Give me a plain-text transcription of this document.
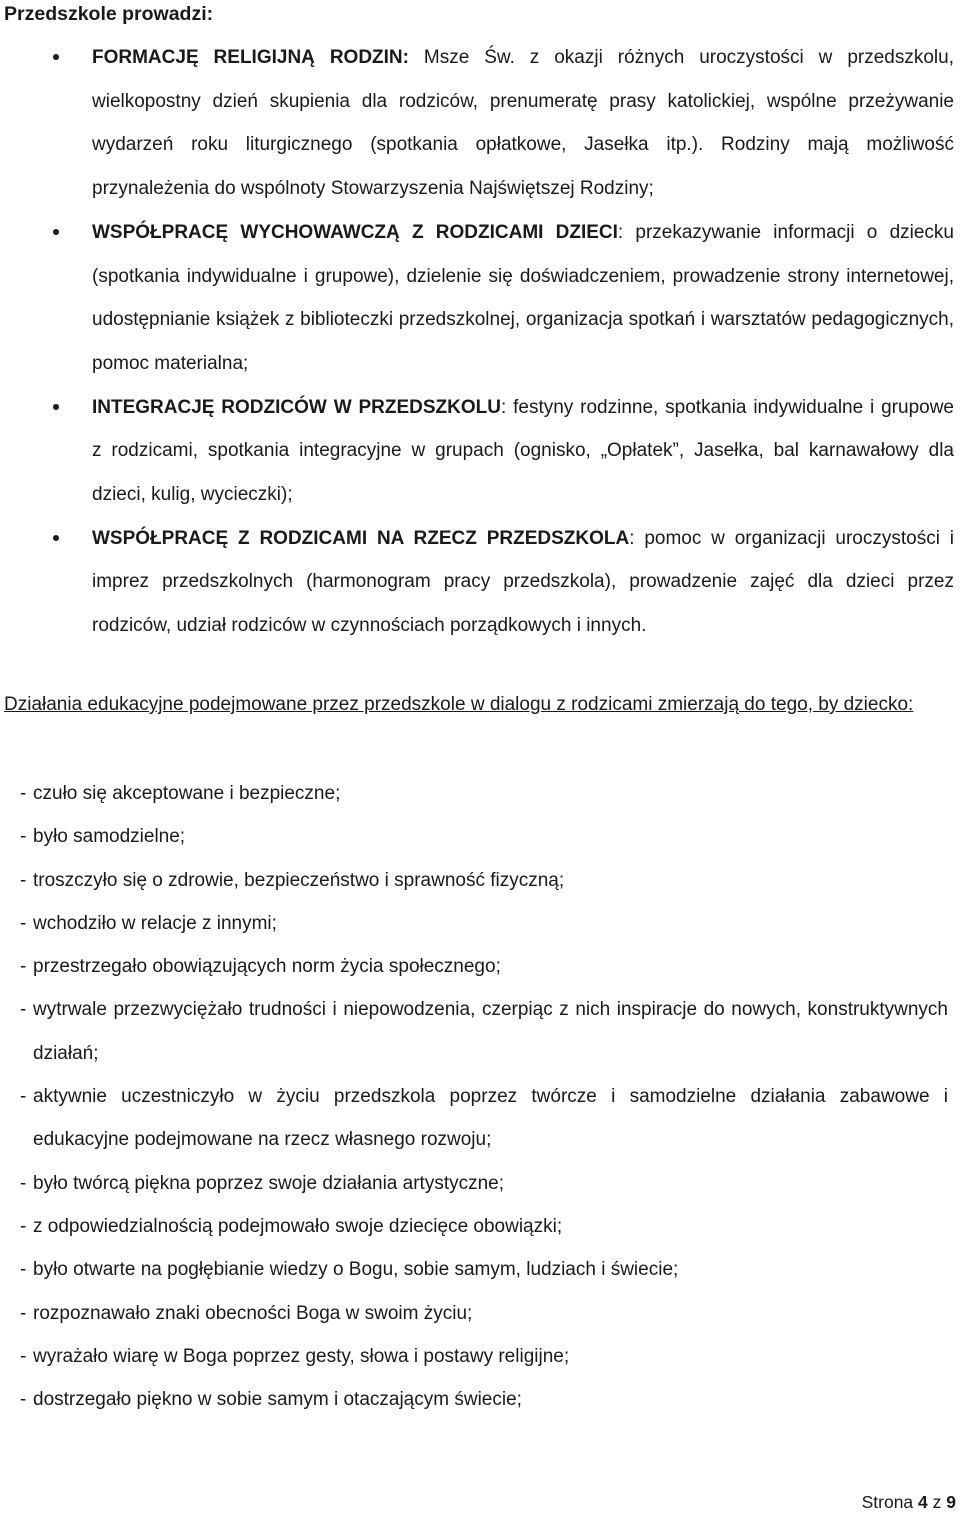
Przedszkole prowadzi:

FORMACJĘ RELIGIJNĄ RODZIN: Msze Św. z okazji różnych uroczystości w przedszkolu, wielkopostny dzień skupienia dla rodziców, prenumeratę prasy katolickiej, wspólne przeżywanie wydarzeń roku liturgicznego (spotkania opłatkowe, Jasełka itp.). Rodziny mają możliwość przynależenia do wspólnoty Stowarzyszenia Najświętszej Rodziny;
WSPÓŁPRACĘ WYCHOWAWCZĄ Z RODZICAMI DZIECI: przekazywanie informacji o dziecku (spotkania indywidualne i grupowe), dzielenie się doświadczeniem, prowadzenie strony internetowej, udostępnianie książek z biblioteczki przedszkolnej, organizacja spotkań i warsztatów pedagogicznych, pomoc materialna;
INTEGRACJĘ RODZICÓW W PRZEDSZKOLU: festyny rodzinne, spotkania indywidualne i grupowe z rodzicami, spotkania integracyjne w grupach (ognisko, „Opłatek”, Jasełka, bal karnawałowy dla dzieci, kulig, wycieczki);
WSPÓŁPRACĘ Z RODZICAMI NA RZECZ PRZEDSZKOLA: pomoc w organizacji uroczystości i imprez przedszkolnych (harmonogram pracy przedszkola), prowadzenie zajęć dla dzieci przez rodziców, udział rodziców w czynnościach porządkowych i innych.

Działania edukacyjne podejmowane przez przedszkole w dialogu z rodzicami zmierzają do tego, by dziecko:

- czuło się akceptowane i bezpieczne;
- było samodzielne;
- troszczyło się o zdrowie, bezpieczeństwo i sprawność fizyczną;
- wchodziło w relacje z innymi;
- przestrzegało obowiązujących norm życia społecznego;
- wytrwale przezwyciężało trudności i niepowodzenia, czerpiąc z nich inspiracje do nowych, konstruktywnych działań;
- aktywnie uczestniczyło w życiu przedszkola poprzez twórcze i samodzielne działania zabawowe i edukacyjne podejmowane na rzecz własnego rozwoju;
- było twórcą piękna poprzez swoje działania artystyczne;
- z odpowiedzialnością podejmowało swoje dziecięce obowiązki;
- było otwarte na pogłębianie wiedzy o Bogu, sobie samym, ludziach i świecie;
- rozpoznawało znaki obecności Boga w swoim życiu;
- wyrażało wiarę w Boga poprzez gesty, słowa i postawy religijne;
- dostrzegało piękno w sobie samym i otaczającym świecie;

Strona 4 z 9
